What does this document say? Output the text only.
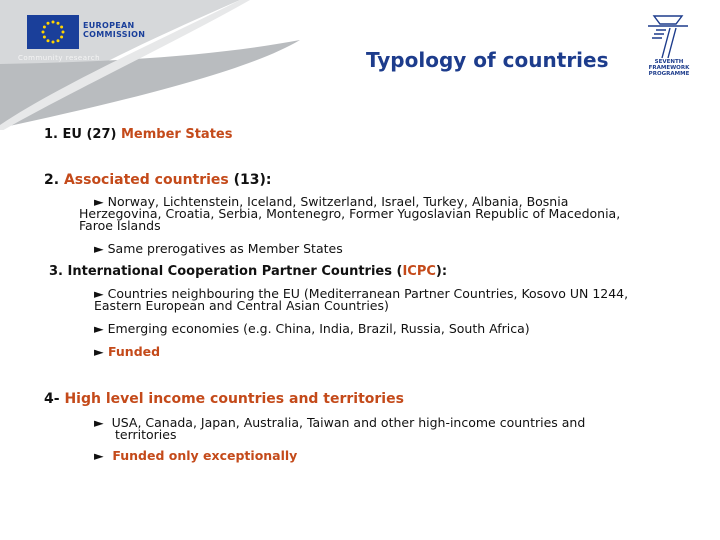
EUROPEAN
COMMISSION
Community research	Typology of countries	SEVENTH FRAMEWORK
PROGRAMME
1. EU (27) Member States
2. Associated countries (13):
► Norway, Lichtenstein, Iceland, Switzerland, Israel, Turkey, Albania, Bosnia
Herzegovina, Croatia, Serbia, Montenegro, Former Yugoslavian Republic of Macedonia,
Faroe Islands
► Same prerogatives as Member States
3. International Cooperation Partner Countries (ICPC):
► Countries neighbouring the EU (Mediterranean Partner Countries, Kosovo UN 1244,
Eastern European and Central Asian Countries)
► Emerging economies (e.g. China, India, Brazil, Russia, South Africa)
► Funded
4- High level income countries and territories
► USA, Canada, Japan, Australia, Taiwan and other high-income countries and
territories
► Funded only exceptionally
